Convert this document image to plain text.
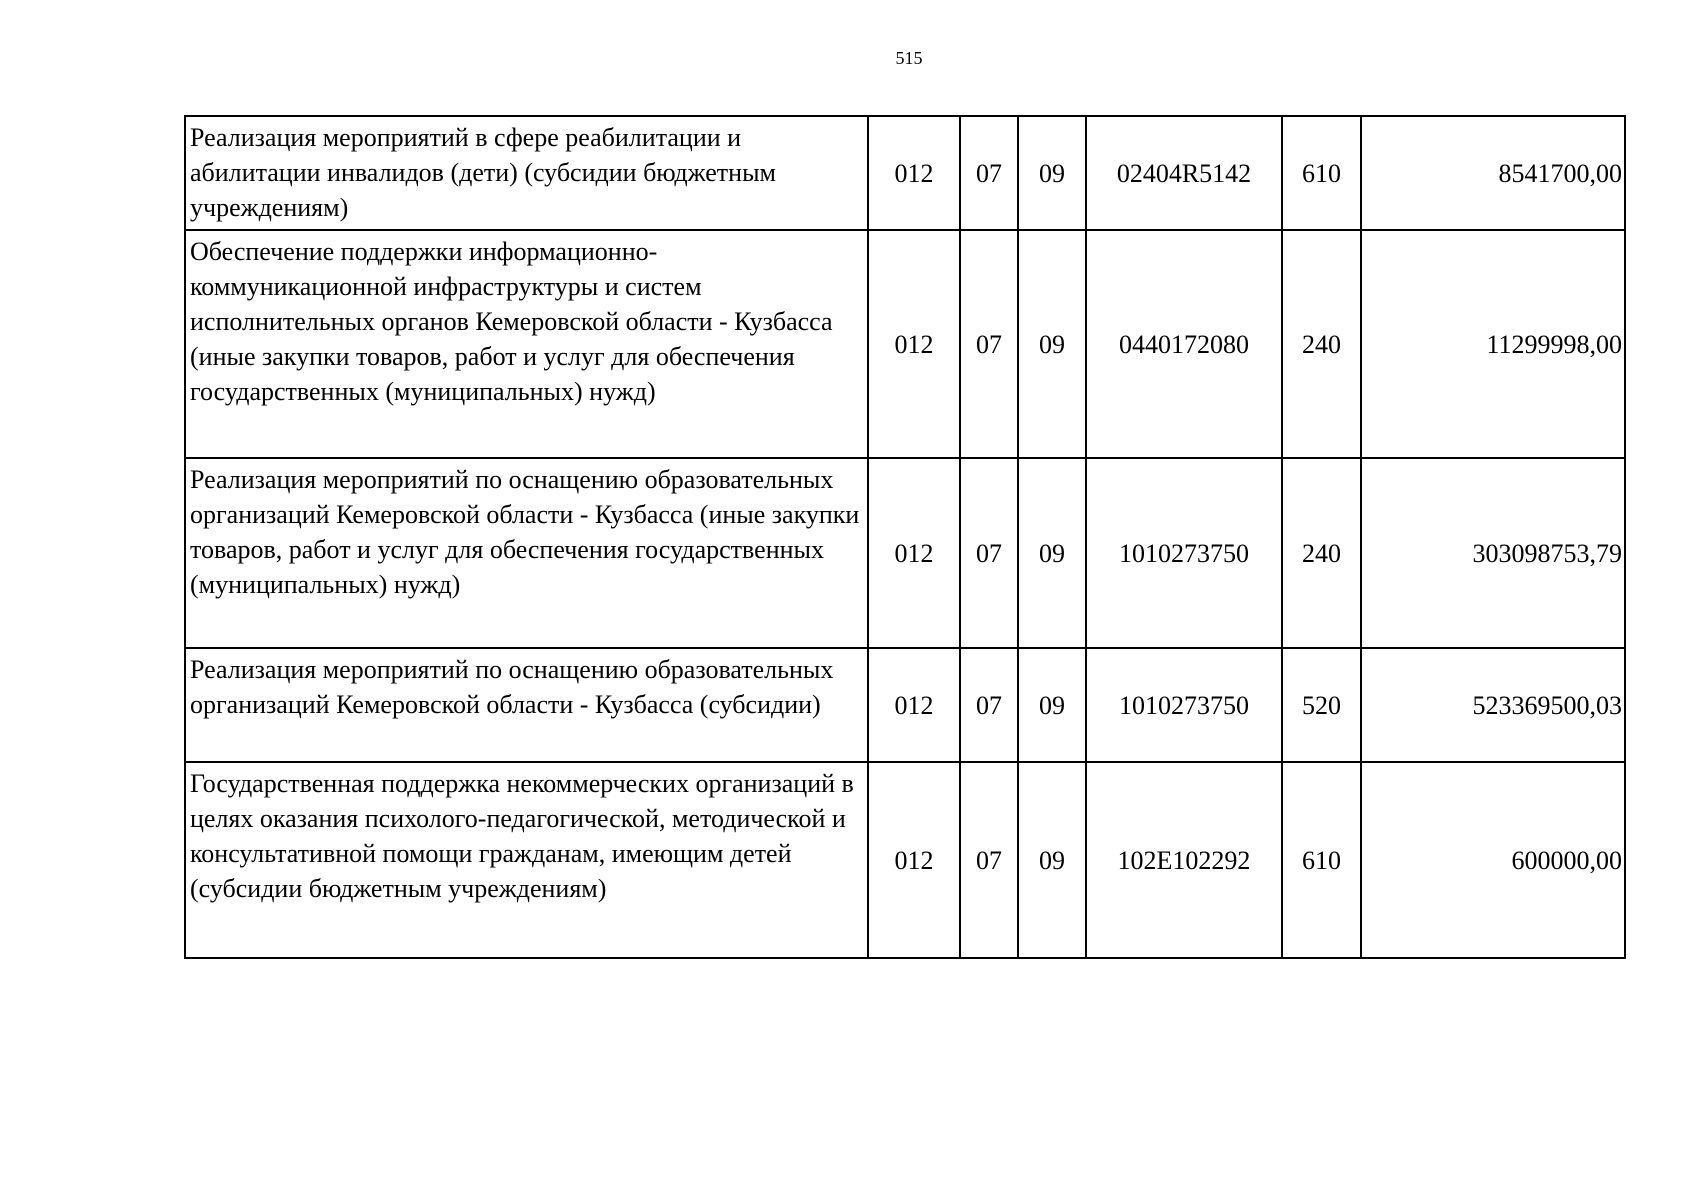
515
Реализация мероприятий в сфере реабилитации и абилитации инвалидов (дети) (субсидии бюджетным учреждениям)	012	07	09	02404R5142	610	8541700,00
Обеспечение поддержки информационно-коммуникационной инфраструктуры и систем исполнительных органов Кемеровской области - Кузбасса (иные закупки товаров, работ и услуг для обеспечения государственных (муниципальных) нужд)	012	07	09	0440172080	240	11299998,00
Реализация мероприятий по оснащению образовательных организаций Кемеровской области - Кузбасса (иные закупки товаров, работ и услуг для обеспечения государственных (муниципальных) нужд)	012	07	09	1010273750	240	303098753,79
Реализация мероприятий по оснащению образовательных организаций Кемеровской области - Кузбасса (субсидии)	012	07	09	1010273750	520	523369500,03
Государственная поддержка некоммерческих организаций в целях оказания психолого-педагогической, методической и консультативной помощи гражданам, имеющим детей (субсидии бюджетным учреждениям)	012	07	09	102E102292	610	600000,00
